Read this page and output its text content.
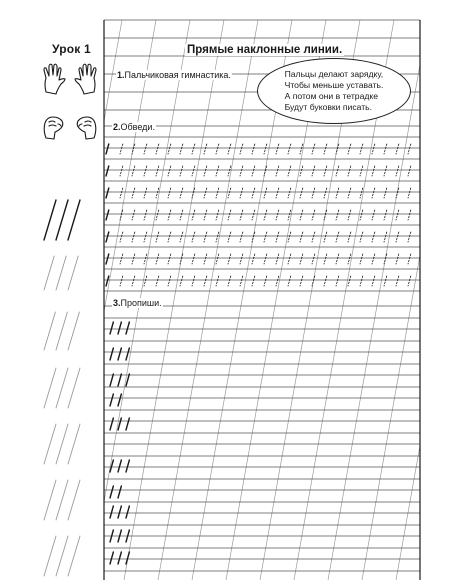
Урок 1	Прямые наклонные линии.
1.Пальчиковая гимнастика.
2.Обведи.
3.Пропиши.
Пальцы делают зарядку,
Чтобы меньше уставать.
А потом они в тетрадке
Будут буковки писать.
